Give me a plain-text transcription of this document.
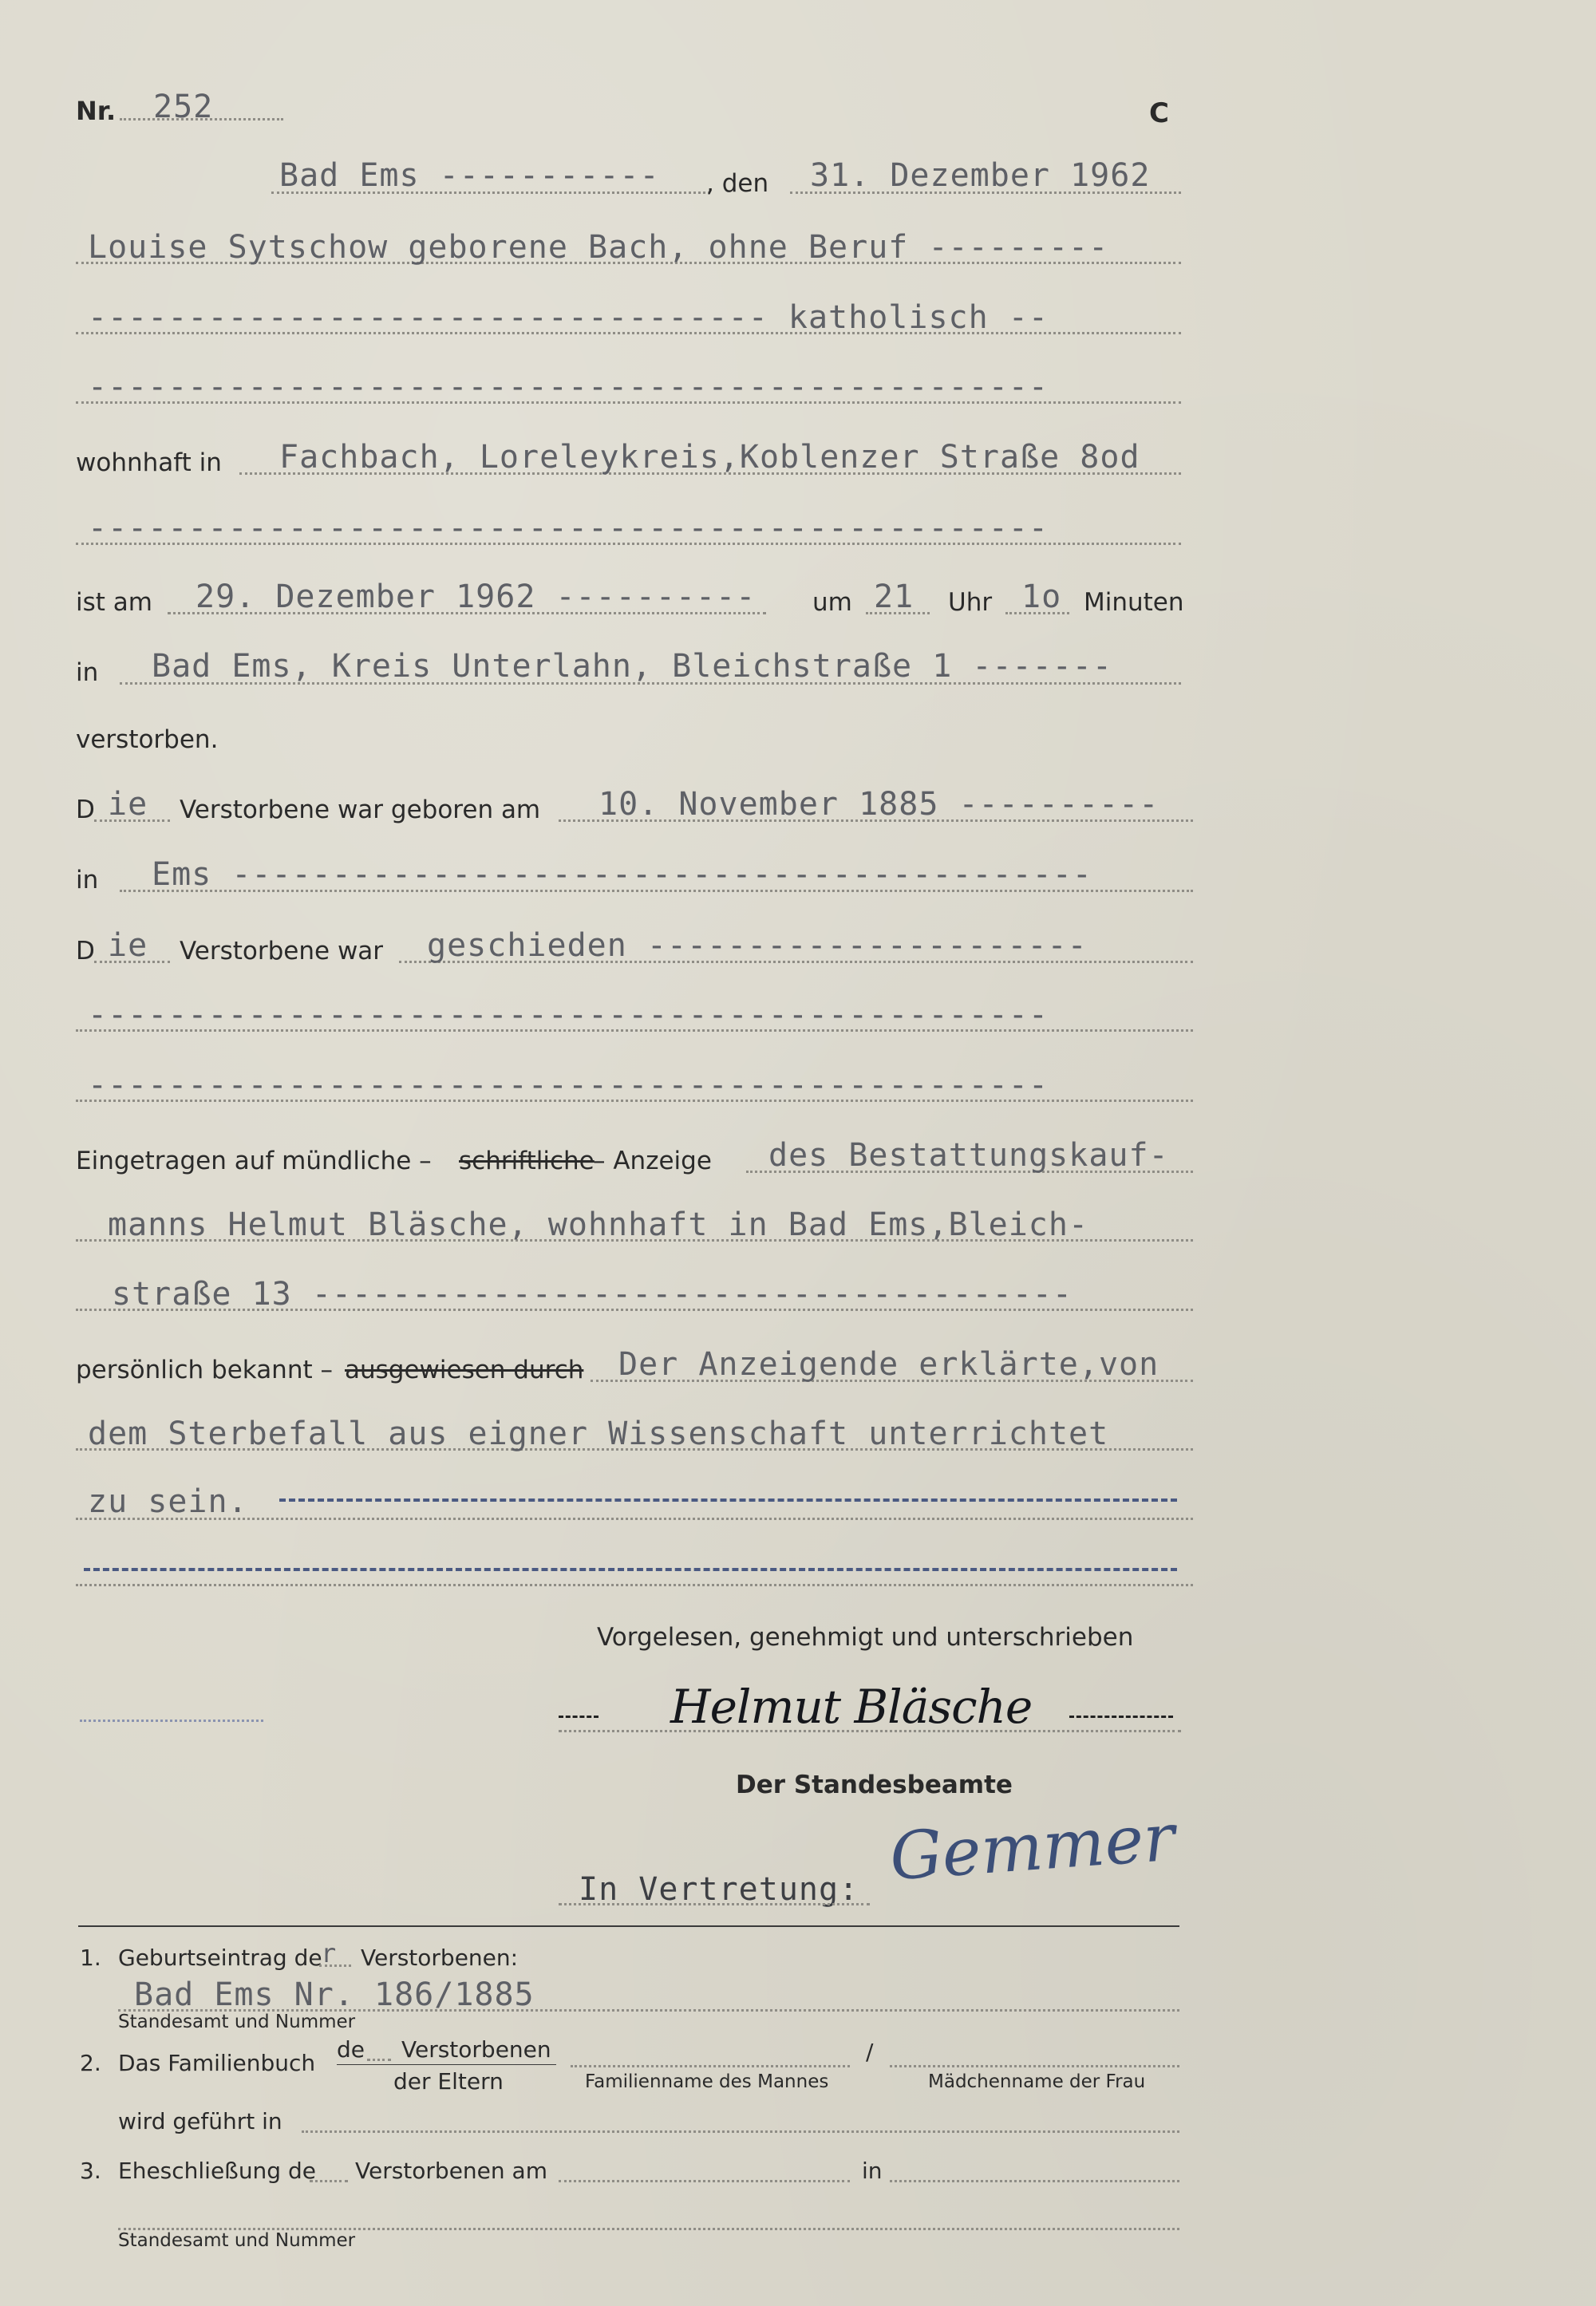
Nr. 252	C
Bad Ems ----------- , den 31. Dezember 1962
Louise Sytschow geborene Bach, ohne Beruf ---------
---------------------------------- katholisch --
------------------------------------------------
wohnhaft in Fachbach, Loreleykreis,Koblenzer Straße 8od
------------------------------------------------
ist am 29. Dezember 1962 ---------- um 21 Uhr 1o Minuten
in Bad Ems, Kreis Unterlahn, Bleichstraße 1 -------
verstorben.
D ie Verstorbene war geboren am 10. November 1885 ----------
in Ems -------------------------------------------
D ie Verstorbene war geschieden ----------------------
------------------------------------------------
------------------------------------------------
Eingetragen auf mündliche – schriftliche
– Anzeige des Bestattungskauf-
manns Helmut Bläsche, wohnhaft in Bad Ems,Bleich-
straße 13 --------------------------------------
persönlich bekannt – ausgewiesen durch Der Anzeigende erklärte,von
dem Sterbefall aus eigner Wissenschaft unterrichtet
zu sein.
Vorgelesen, genehmigt und unterschrieben
Helmut Bläsche
Der Standesbeamte
In Vertretung: Gemmer
1. Geburtseintrag de
r Verstorbenen:
Bad Ems Nr. 186/1885
Standesamt und Nummer
2. Das Familienbuch
de Verstorbenen
der Eltern
/
Familienname des Mannes	Mädchenname der Frau
wird geführt in
3. Eheschließung de Verstorbenen am	in
Standesamt und Nummer
